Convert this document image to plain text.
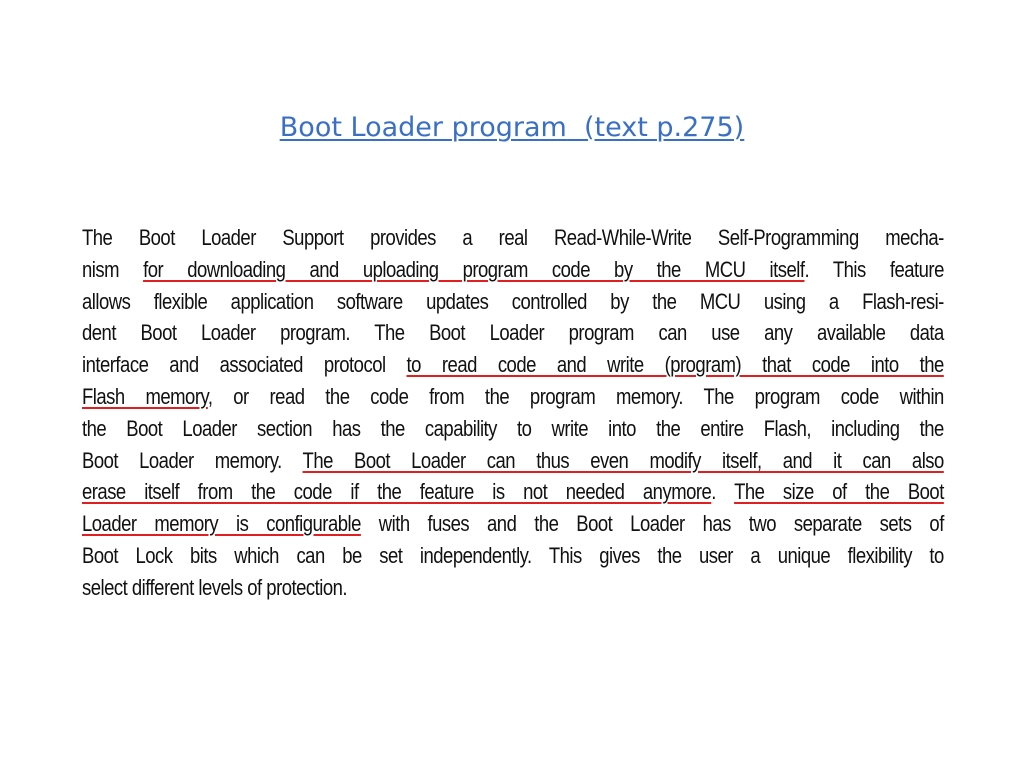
Boot Loader program (text p.275)
The Boot Loader Support provides a real Read-While-Write Self-Programming mecha-
nism for downloading and uploading program code by the MCU itself. This feature
allows flexible application software updates controlled by the MCU using a Flash-resi-
dent Boot Loader program. The Boot Loader program can use any available data
interface and associated protocol to read code and write (program) that code into the
Flash memory, or read the code from the program memory. The program code within
the Boot Loader section has the capability to write into the entire Flash, including the
Boot Loader memory. The Boot Loader can thus even modify itself, and it can also
erase itself from the code if the feature is not needed anymore. The size of the Boot
Loader memory is configurable with fuses and the Boot Loader has two separate sets of
Boot Lock bits which can be set independently. This gives the user a unique flexibility to
select different levels of protection.
